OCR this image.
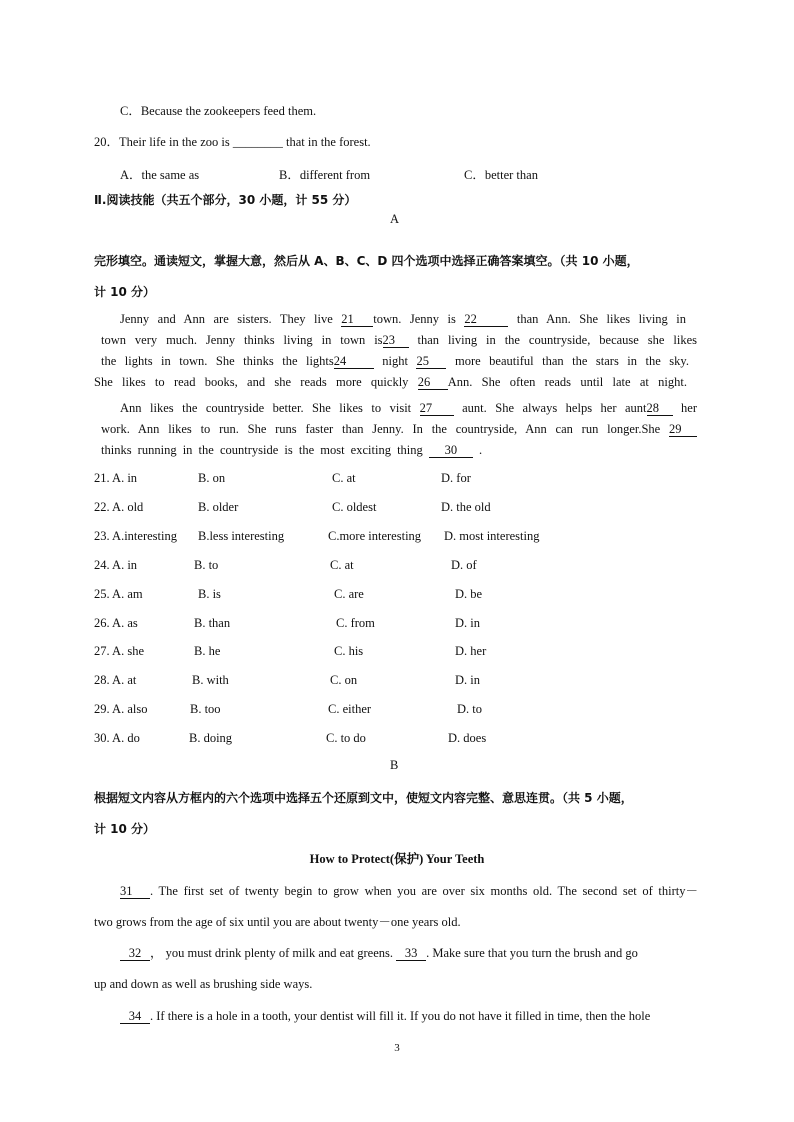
C．Because the zookeepers feed them.
20．Their life in the zoo is ________ that in the forest.
A．the same as	B．different from	C．better than
Ⅱ.阅读技能（共五个部分，30 小题，计 55 分）
A
完形填空。通读短文，掌握大意，然后从 A、B、C、D 四个选项中选择正确答案填空。（共 10 小题，
计 10 分）
Jenny and Ann are sisters. They live 21 town. Jenny is 22	than Ann. She likes living in
town very much. Jenny thinks living in town is23 than living in the countryside, because she likes
the lights in town. She thinks the lights24 night 25 more beautiful than the stars in the sky.
She likes to read books, and she reads more quickly 26 Ann. She often reads until late at night.
Ann likes the countryside better. She likes to visit 27 aunt. She always helps her aunt28 her
work. Ann likes to run. She runs faster than Jenny. In the countryside, Ann can run longer.She 29
thinks running in the countryside is the most exciting thing 30 .
21. A. in	B. on	C. at	D. for
22. A. old	B. older	C. oldest	D. the old
23. A.interesting B.less interesting	C.more interesting D. most interesting
24. A. in	B. to	C. at	D. of
25. A. am	B. is	C. are	D. be
26. A. as	B. than	C. from	D. in
27. A. she	B. he	C. his	D. her
28. A. at	B. with	C. on	D. in
29. A. also	B. too	C. either	D. to
30. A. do	B. doing	C. to do	D. does
B
根据短文内容从方框内的六个选项中选择五个还原到文中，使短文内容完整、意思连贯。（共 5 小题，
计 10 分）
How to Protect(保护) Your Teeth
31 . The first set of twenty begin to grow when you are over six months old. The second set of thirty－
two grows from the age of six until you are about twenty－one years old.
32 ， you must drink plenty of milk and eat greens. 33 . Make sure that you turn the brush and go
up and down as well as brushing side ways.
34 . If there is a hole in a tooth, your dentist will fill it. If you do not have it filled in time, then the hole
3
